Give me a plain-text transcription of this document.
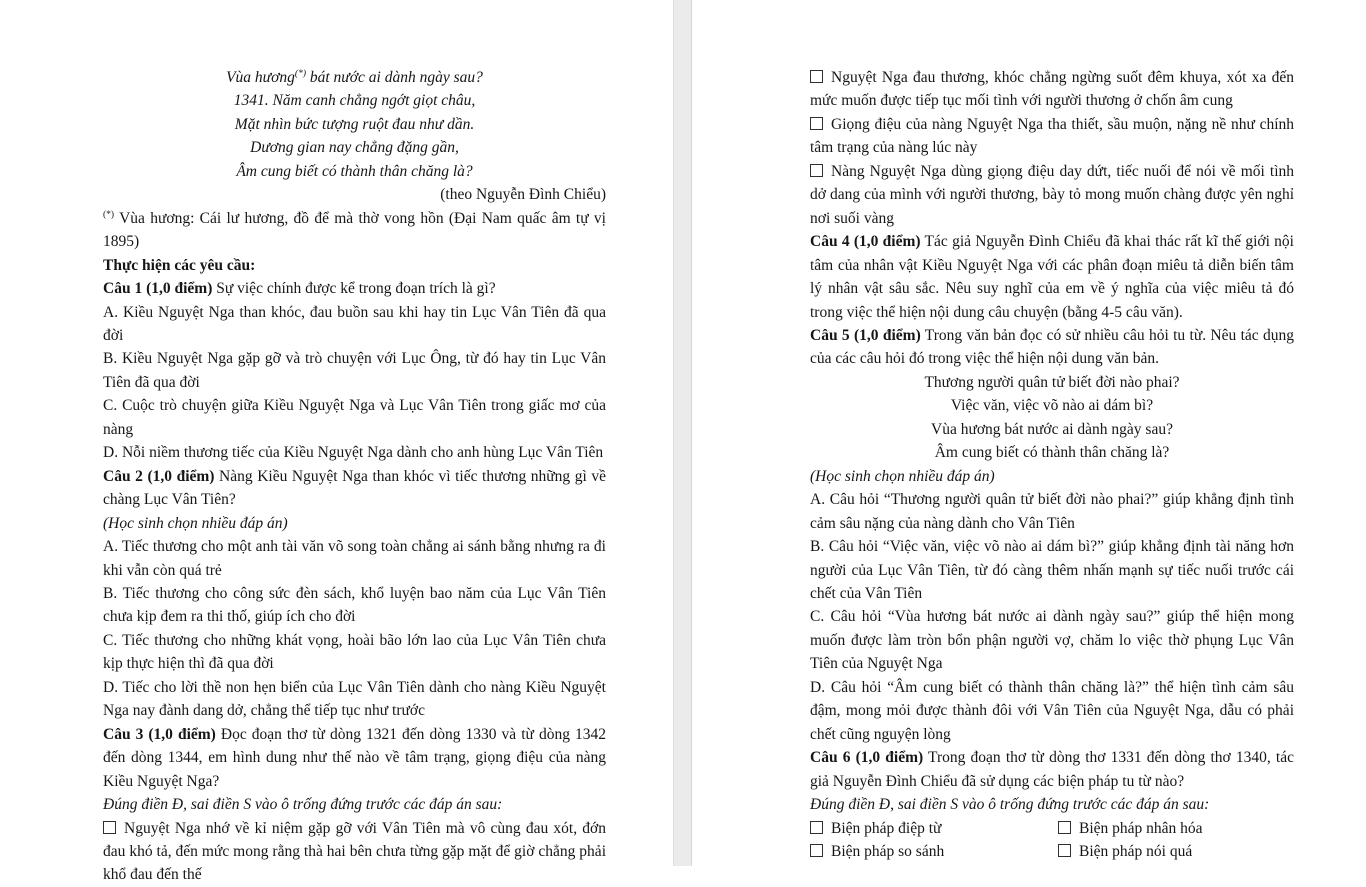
Vùa hương(*) bát nước ai dành ngày sau?

1341. Năm canh chẳng ngớt giọt châu,

Mặt nhìn bức tượng ruột đau như dần.

Dương gian nay chẳng đặng gần,

Âm cung biết có thành thân chăng là?

(theo Nguyễn Đình Chiểu)

(*) Vùa hương: Cái lư hương, đồ để mà thờ vong hồn (Đại Nam quấc âm tự vị 1895)

Thực hiện các yêu cầu:

Câu 1 (1,0 điểm) Sự việc chính được kể trong đoạn trích là gì?

A. Kiều Nguyệt Nga than khóc, đau buồn sau khi hay tin Lục Vân Tiên đã qua đời

B. Kiều Nguyệt Nga gặp gỡ và trò chuyện với Lục Ông, từ đó hay tin Lục Vân Tiên đã qua đời

C. Cuộc trò chuyện giữa Kiều Nguyệt Nga và Lục Vân Tiên trong giấc mơ của nàng

D. Nỗi niềm thương tiếc của Kiều Nguyệt Nga dành cho anh hùng Lục Vân Tiên

Câu 2 (1,0 điểm) Nàng Kiều Nguyệt Nga than khóc vì tiếc thương những gì về chàng Lục Vân Tiên?

(Học sinh chọn nhiều đáp án)

A. Tiếc thương cho một anh tài văn võ song toàn chẳng ai sánh bằng nhưng ra đi khi vẫn còn quá trẻ

B. Tiếc thương cho công sức đèn sách, khổ luyện bao năm của Lục Vân Tiên chưa kịp đem ra thi thố, giúp ích cho đời

C. Tiếc thương cho những khát vọng, hoài bão lớn lao của Lục Vân Tiên chưa kịp thực hiện thì đã qua đời

D. Tiếc cho lời thề non hẹn biển của Lục Vân Tiên dành cho nàng Kiều Nguyệt Nga nay đành dang dở, chẳng thể tiếp tục như trước

Câu 3 (1,0 điểm) Đọc đoạn thơ từ dòng 1321 đến dòng 1330 và từ dòng 1342 đến dòng 1344, em hình dung như thế nào về tâm trạng, giọng điệu của nàng Kiều Nguyệt Nga?

Đúng điền Đ, sai điền S vào ô trống đứng trước các đáp án sau:

Nguyệt Nga nhớ về kỉ niệm gặp gỡ với Vân Tiên mà vô cùng đau xót, đớn đau khó tả, đến mức mong rằng thà hai bên chưa từng gặp mặt để giờ chẳng phải khổ đau đến thế

Nguyệt Nga đau thương, khóc chẳng ngừng suốt đêm khuya, xót xa đến mức muốn được tiếp tục mối tình với người thương ở chốn âm cung

Giọng điệu của nàng Nguyệt Nga tha thiết, sầu muộn, nặng nề như chính tâm trạng của nàng lúc này

Nàng Nguyệt Nga dùng giọng điệu day dứt, tiếc nuối để nói về mối tình dở dang của mình với người thương, bày tỏ mong muốn chàng được yên nghỉ nơi suối vàng

Câu 4 (1,0 điểm) Tác giả Nguyễn Đình Chiểu đã khai thác rất kĩ thế giới nội tâm của nhân vật Kiều Nguyệt Nga với các phân đoạn miêu tả diễn biến tâm lý nhân vật sâu sắc. Nêu suy nghĩ của em về ý nghĩa của việc miêu tả đó trong việc thể hiện nội dung câu chuyện (bằng 4-5 câu văn).

Câu 5 (1,0 điểm) Trong văn bản đọc có sử nhiều câu hỏi tu từ. Nêu tác dụng của các câu hỏi đó trong việc thể hiện nội dung văn bản.

Thương người quân tử biết đời nào phai?

Việc văn, việc võ nào ai dám bì?

Vùa hương bát nước ai dành ngày sau?

Âm cung biết có thành thân chăng là?

(Học sinh chọn nhiều đáp án)

A. Câu hỏi “Thương người quân tử biết đời nào phai?” giúp khẳng định tình cảm sâu nặng của nàng dành cho Vân Tiên

B. Câu hỏi “Việc văn, việc võ nào ai dám bì?” giúp khẳng định tài năng hơn người của Lục Vân Tiên, từ đó càng thêm nhấn mạnh sự tiếc nuối trước cái chết của Vân Tiên

C. Câu hỏi “Vùa hương bát nước ai dành ngày sau?” giúp thể hiện mong muốn được làm tròn bổn phận người vợ, chăm lo việc thờ phụng Lục Vân Tiên của Nguyệt Nga

D. Câu hỏi “Âm cung biết có thành thân chăng là?” thể hiện tình cảm sâu đậm, mong mỏi được thành đôi với Vân Tiên của Nguyệt Nga, dẫu có phải chết cũng nguyện lòng

Câu 6 (1,0 điểm) Trong đoạn thơ từ dòng thơ 1331 đến dòng thơ 1340, tác giả Nguyễn Đình Chiểu đã sử dụng các biện pháp tu từ nào?

Đúng điền Đ, sai điền S vào ô trống đứng trước các đáp án sau:

Biện pháp điệp từ	Biện pháp nhân hóa
Biện pháp so sánh	Biện pháp nói quá
